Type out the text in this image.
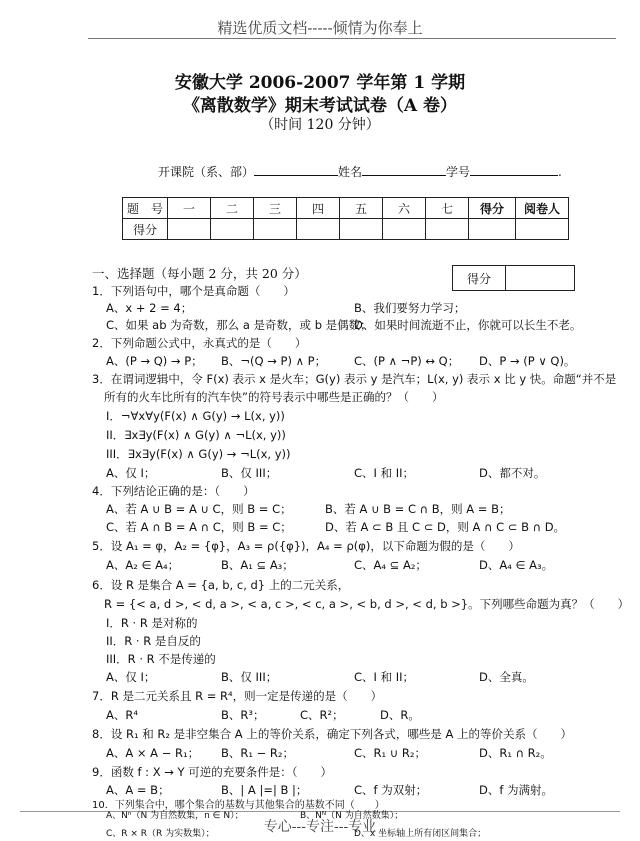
精选优质文档-----倾情为你奉上
安徽大学 2006-2007 学年第 1 学期
《离散数学》期末考试试卷（A 卷）
（时间 120 分钟）
开课院（系、部）	姓名	学号	.
题　号	一	二	三	四	五	六	七	得分	阅卷人
得分									
一、选择题（每小题 2 分，共 20 分）	得分	
1．下列语句中，哪个是真命题（　　）
A、x + 2 = 4；	B、我们要努力学习；
C、如果 ab 为奇数，那么 a 是奇数，或 b 是偶数；
D、如果时间流逝不止，你就可以长生不老。
2．下列命题公式中，永真式的是（　　）
A、(P → Q) → P； B、¬(Q → P) ∧ P； C、(P ∧ ¬P) ↔ Q； D、P → (P ∨ Q)。
3．在谓词逻辑中，令 F(x) 表示 x 是火车；G(y) 表示 y 是汽车；L(x, y) 表示 x 比 y 快。命题“并不是
所有的火车比所有的汽车快”的符号表示中哪些是正确的？（　　）
I．¬∀x∀y(F(x) ∧ G(y) → L(x, y))
II．∃x∃y(F(x) ∧ G(y) ∧ ¬L(x, y))
III．∃x∃y(F(x) ∧ G(y) → ¬L(x, y))
A、仅 I；	B、仅 III；	C、I 和 II；	D、都不对。
4．下列结论正确的是：（　　）
A、若 A ∪ B = A ∪ C，则 B = C；	B、若 A ∪ B = C ∩ B，则 A = B；
C、若 A ∩ B = A ∩ C，则 B = C；	D、若 A ⊂ B 且 C ⊂ D，则 A ∩ C ⊂ B ∩ D。
5．设 A₁ = φ，A₂ = {φ}，A₃ = ρ({φ})，A₄ = ρ(φ)，以下命题为假的是（　　）
A、A₂ ∈ A₄；	B、A₁ ⊆ A₃；	C、A₄ ⊆ A₂；	D、A₄ ∈ A₃。
6．设 R 是集合 A = {a, b, c, d} 上的二元关系，
R = {< a, d >, < d, a >, < a, c >, < c, a >, < b, d >, < d, b >}。下列哪些命题为真？（　　）
I．R · R 是对称的
II．R · R 是自反的
III．R · R 不是传递的
A、仅 I；	B、仅 III；	C、I 和 II；	D、全真。
7．R 是二元关系且 R = R⁴，则一定是传递的是（　　）
A、R⁴	B、R³；	C、R²；	D、R。
8．设 R₁ 和 R₂ 是非空集合 A 上的等价关系，确定下列各式，哪些是 A 上的等价关系（　　）
A、A × A − R₁； B、R₁ − R₂；	C、R₁ ∪ R₂；	D、R₁ ∩ R₂。
9．函数 f : X → Y 可逆的充要条件是：（　　）
A、A = B；	B、| A |=| B |；	C、f 为双射；	D、f 为满射。
10．下列集合中，哪个集合的基数与其他集合的基数不同（　　）
专心---专注---专业
A、Nⁿ（N 为自然数集，n ∈ N）；	B、Nᴺ（N 为自然数集）；
C、R × R（R 为实数集）；	D、x 坐标轴上所有闭区间集合；
